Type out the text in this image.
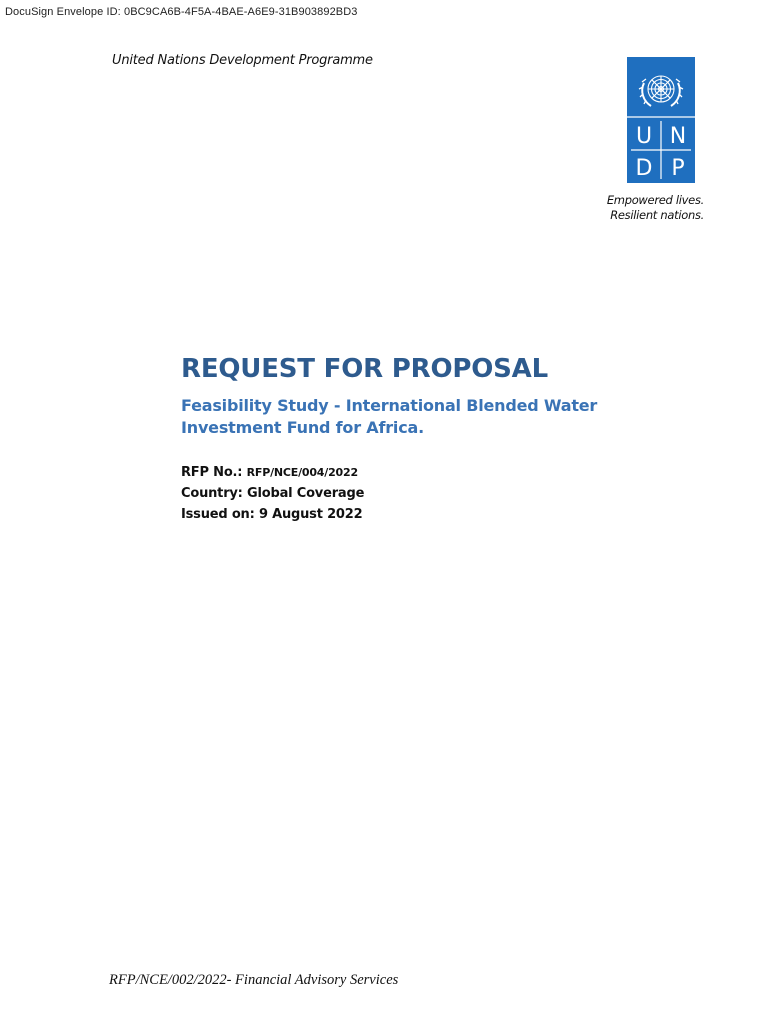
DocuSign Envelope ID: 0BC9CA6B-4F5A-4BAE-A6E9-31B903892BD3
United Nations Development Programme
U N
D P
Empowered lives.
Resilient nations.
REQUEST FOR PROPOSAL
Feasibility Study - International Blended Water Investment Fund for Africa.
RFP No.: RFP/NCE/004/2022
Country: Global Coverage
Issued on: 9 August 2022
RFP/NCE/002/2022- Financial Advisory Services
